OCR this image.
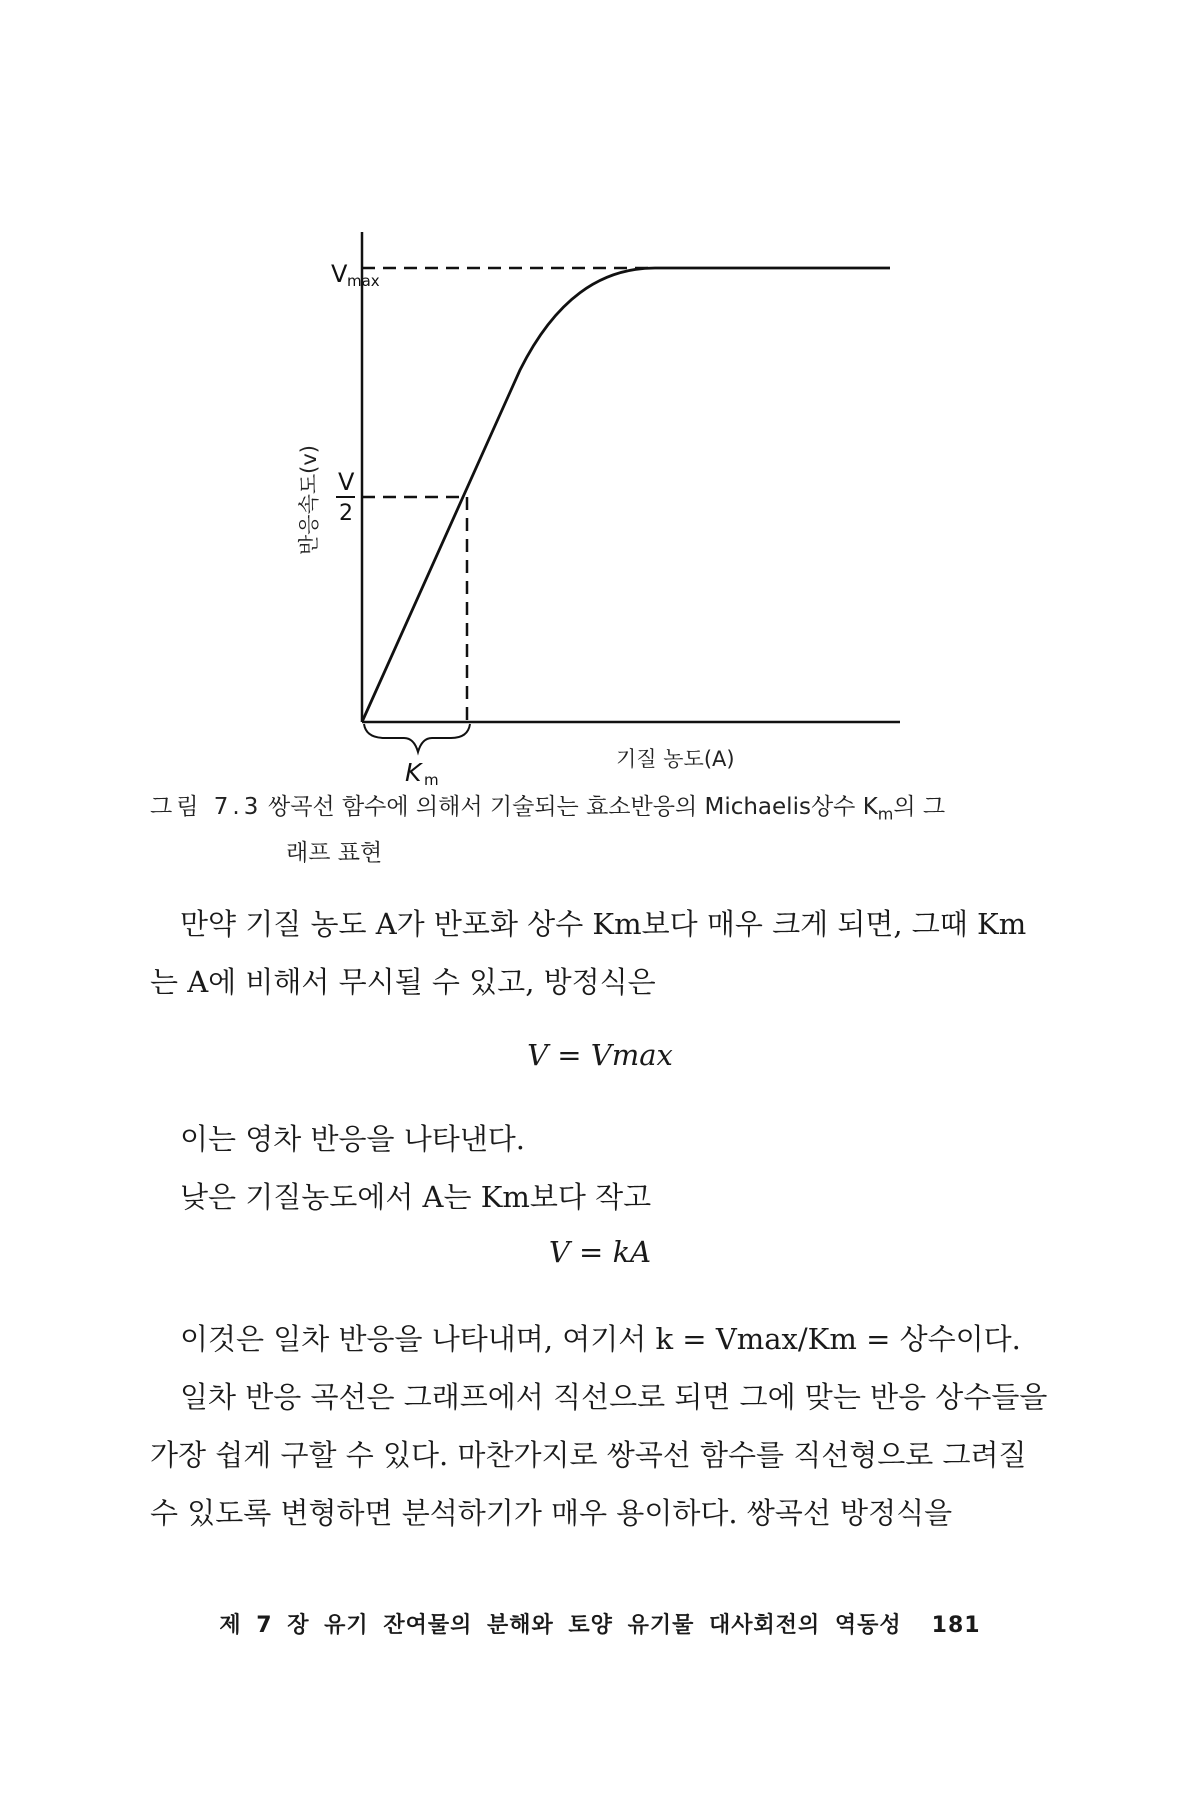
V max
V
2
반응속도(v)
K m
기질 농도(A)
그림 7.3 쌍곡선 함수에 의해서 기술되는 효소반응의 Michaelis상수 $K_m$의 그
래프 표현

만약 기질 농도 A가 반포화 상수 Km보다 매우 크게 되면, 그때 Km는 A에 비해서 무시될 수 있고, 방정식은

V = Vmax

이는 영차 반응을 나타낸다.

낮은 기질농도에서 A는 Km보다 작고

V = kA

이것은 일차 반응을 나타내며, 여기서 k = Vmax/Km = 상수이다.

일차 반응 곡선은 그래프에서 직선으로 되면 그에 맞는 반응 상수들을 가장 쉽게 구할 수 있다. 마찬가지로 쌍곡선 함수를 직선형으로 그려질 수 있도록 변형하면 분석하기가 매우 용이하다. 쌍곡선 방정식을

제 7 장 유기 잔여물의 분해와 토양 유기물 대사회전의 역동성 181
